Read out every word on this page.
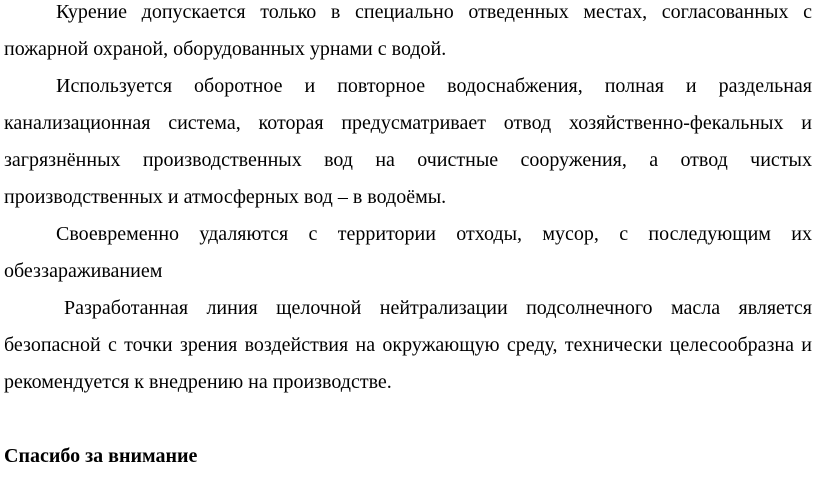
Курение допускается только в специально отведенных местах, согласованных с пожарной охраной, оборудованных урнами с водой.

Используется оборотное и повторное водоснабжения, полная и раздельная канализационная система, которая предусматривает отвод хозяйственно-фекальных и загрязнённых производственных вод на очистные сооружения, а отвод чистых производственных и атмосферных вод – в водоёмы.

Своевременно удаляются с территории отходы, мусор, с последующим их обеззараживанием

Разработанная линия щелочной нейтрализации подсолнечного масла является безопасной с точки зрения воздействия на окружающую среду, технически целесообразна и рекомендуется к внедрению на производстве.

Спасибо за внимание
